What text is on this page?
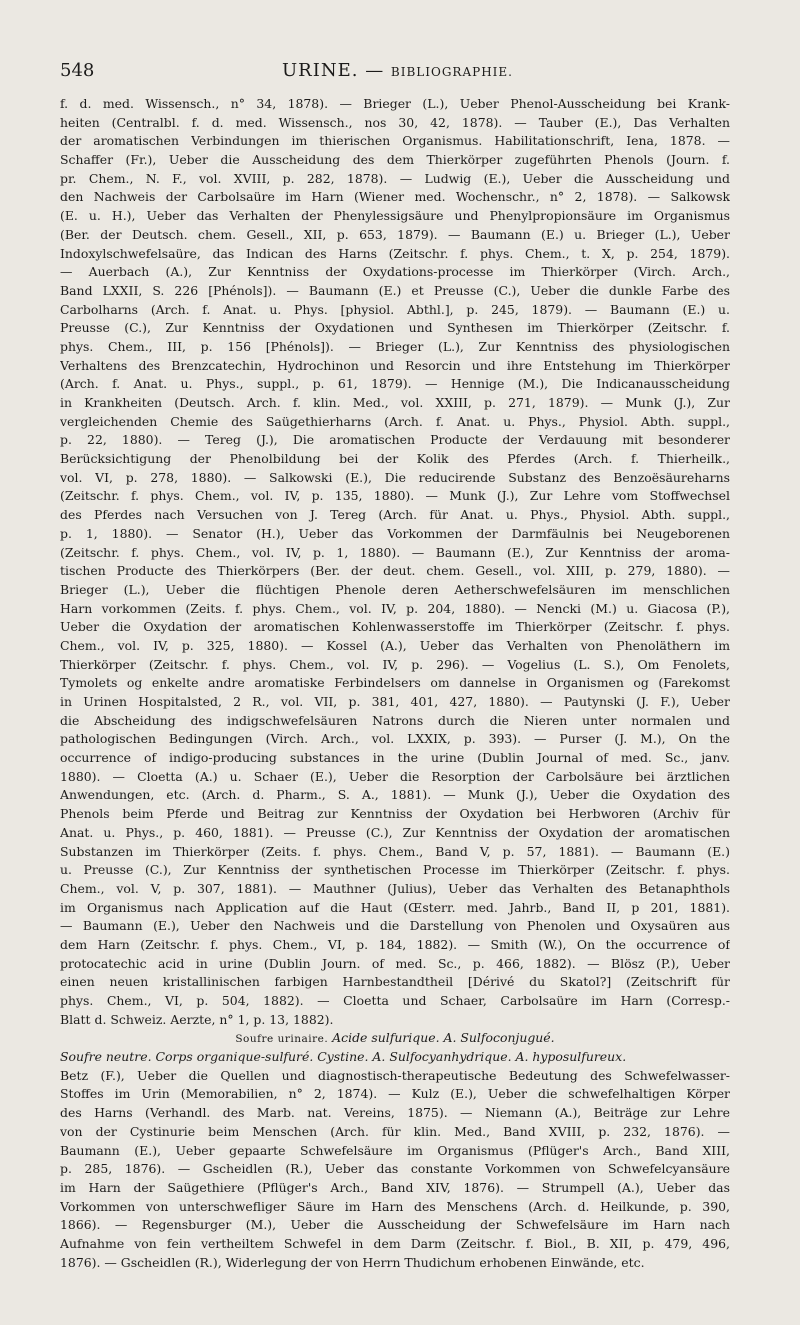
548	URINE. — BIBLIOGRAPHIE.
f. d. med. Wissensch., n° 34, 1878). — Brieger (L.), Ueber Phenol-Ausscheidung bei Krank-
heiten (Centralbl. f. d. med. Wissensch., nos 30, 42, 1878). — Tauber (E.), Das Verhalten
der aromatischen Verbindungen im thierischen Organismus. Habilitationschrift, Iena, 1878. —
Schaffer (Fr.), Ueber die Ausscheidung des dem Thierkörper zugeführten Phenols (Journ. f.
pr. Chem., N. F., vol. XVIII, p. 282, 1878). — Ludwig (E.), Ueber die Ausscheidung und
den Nachweis der Carbolsaüre im Harn (Wiener med. Wochenschr., n° 2, 1878). — Salkowsk
(E. u. H.), Ueber das Verhalten der Phenylessigsäure und Phenylpropionsäure im Organismus
(Ber. der Deutsch. chem. Gesell., XII, p. 653, 1879). — Baumann (E.) u. Brieger (L.), Ueber
Indoxylschwefelsaüre, das Indican des Harns (Zeitschr. f. phys. Chem., t. X, p. 254, 1879).
— Auerbach (A.), Zur Kenntniss der Oxydations-processe im Thierkörper (Virch. Arch.,
Band LXXII, S. 226 [Phénols]). — Baumann (E.) et Preusse (C.), Ueber die dunkle Farbe des
Carbolharns (Arch. f. Anat. u. Phys. [physiol. Abthl.], p. 245, 1879). — Baumann (E.) u.
Preusse (C.), Zur Kenntniss der Oxydationen und Synthesen im Thierkörper (Zeitschr. f.
phys. Chem., III, p. 156 [Phénols]). — Brieger (L.), Zur Kenntniss des physiologischen
Verhaltens des Brenzcatechin, Hydrochinon und Resorcin und ihre Entstehung im Thierkörper
(Arch. f. Anat. u. Phys., suppl., p. 61, 1879). — Hennige (M.), Die Indicanausscheidung
in Krankheiten (Deutsch. Arch. f. klin. Med., vol. XXIII, p. 271, 1879). — Munk (J.), Zur
vergleichenden Chemie des Saügethierharns (Arch. f. Anat. u. Phys., Physiol. Abth. suppl.,
p. 22, 1880). — Tereg (J.), Die aromatischen Producte der Verdauung mit besonderer
Berücksichtigung der Phenolbildung bei der Kolik des Pferdes (Arch. f. Thierheilk.,
vol. VI, p. 278, 1880). — Salkowski (E.), Die reducirende Substanz des Benzoësäureharns
(Zeitschr. f. phys. Chem., vol. IV, p. 135, 1880). — Munk (J.), Zur Lehre vom Stoffwechsel
des Pferdes nach Versuchen von J. Tereg (Arch. für Anat. u. Phys., Physiol. Abth. suppl.,
p. 1, 1880). — Senator (H.), Ueber das Vorkommen der Darmfäulnis bei Neugeborenen
(Zeitschr. f. phys. Chem., vol. IV, p. 1, 1880). — Baumann (E.), Zur Kenntniss der aroma-
tischen Producte des Thierkörpers (Ber. der deut. chem. Gesell., vol. XIII, p. 279, 1880). —
Brieger (L.), Ueber die flüchtigen Phenole deren Aetherschwefelsäuren im menschlichen
Harn vorkommen (Zeits. f. phys. Chem., vol. IV, p. 204, 1880). — Nencki (M.) u. Giacosa (P.),
Ueber die Oxydation der aromatischen Kohlenwasserstoffe im Thierkörper (Zeitschr. f. phys.
Chem., vol. IV, p. 325, 1880). — Kossel (A.), Ueber das Verhalten von Phenoläthern im
Thierkörper (Zeitschr. f. phys. Chem., vol. IV, p. 296). — Vogelius (L. S.), Om Fenolets,
Tymolets og enkelte andre aromatiske Ferbindelsers om dannelse in Organismen og (Farekomst
in Urinen Hospitalsted, 2 R., vol. VII, p. 381, 401, 427, 1880). — Pautynski (J. F.), Ueber
die Abscheidung des indigschwefelsäuren Natrons durch die Nieren unter normalen und
pathologischen Bedingungen (Virch. Arch., vol. LXXIX, p. 393). — Purser (J. M.), On the
occurrence of indigo-producing substances in the urine (Dublin Journal of med. Sc., janv.
1880). — Cloetta (A.) u. Schaer (E.), Ueber die Resorption der Carbolsäure bei ärztlichen
Anwendungen, etc. (Arch. d. Pharm., S. A., 1881). — Munk (J.), Ueber die Oxydation des
Phenols beim Pferde und Beitrag zur Kenntniss der Oxydation bei Herbworen (Archiv für
Anat. u. Phys., p. 460, 1881). — Preusse (C.), Zur Kenntniss der Oxydation der aromatischen
Substanzen im Thierkörper (Zeits. f. phys. Chem., Band V, p. 57, 1881). — Baumann (E.)
u. Preusse (C.), Zur Kenntniss der synthetischen Processe im Thierkörper (Zeitschr. f. phys.
Chem., vol. V, p. 307, 1881). — Mauthner (Julius), Ueber das Verhalten des Betanaphthols
im Organismus nach Application auf die Haut (Œsterr. med. Jahrb., Band II, p 201, 1881).
— Baumann (E.), Ueber den Nachweis und die Darstellung von Phenolen und Oxysaüren aus
dem Harn (Zeitschr. f. phys. Chem., VI, p. 184, 1882). — Smith (W.), On the occurrence of
protocatechic acid in urine (Dublin Journ. of med. Sc., p. 466, 1882). — Blösz (P.), Ueber
einen neuen kristallinischen farbigen Harnbestandtheil [Dérivé du Skatol?] (Zeitschrift für
phys. Chem., VI, p. 504, 1882). — Cloetta und Schaer, Carbolsaüre im Harn (Corresp.-
Blatt d. Schweiz. Aerzte, n° 1, p. 13, 1882).
Soufre urinaire. Acide sulfurique. A. Sulfoconjugué.
Soufre neutre. Corps organique-sulfuré. Cystine. A. Sulfocyanhydrique. A. hyposulfureux.
Betz (F.), Ueber die Quellen und diagnostisch-therapeutische Bedeutung des Schwefelwasser-
Stoffes im Urin (Memorabilien, n° 2, 1874). — Kulz (E.), Ueber die schwefelhaltigen Körper
des Harns (Verhandl. des Marb. nat. Vereins, 1875). — Niemann (A.), Beiträge zur Lehre
von der Cystinurie beim Menschen (Arch. für klin. Med., Band XVIII, p. 232, 1876). —
Baumann (E.), Ueber gepaarte Schwefelsäure im Organismus (Pflüger's Arch., Band XIII,
p. 285, 1876). — Gscheidlen (R.), Ueber das constante Vorkommen von Schwefelcyansäure
im Harn der Saügethiere (Pflüger's Arch., Band XIV, 1876). — Strumpell (A.), Ueber das
Vorkommen von unterschwefliger Säure im Harn des Menschens (Arch. d. Heilkunde, p. 390,
1866). — Regensburger (M.), Ueber die Ausscheidung der Schwefelsäure im Harn nach
Aufnahme von fein vertheiltem Schwefel in dem Darm (Zeitschr. f. Biol., B. XII, p. 479, 496,
1876). — Gscheidlen (R.), Widerlegung der von Herrn Thudichum erhobenen Einwände, etc.
